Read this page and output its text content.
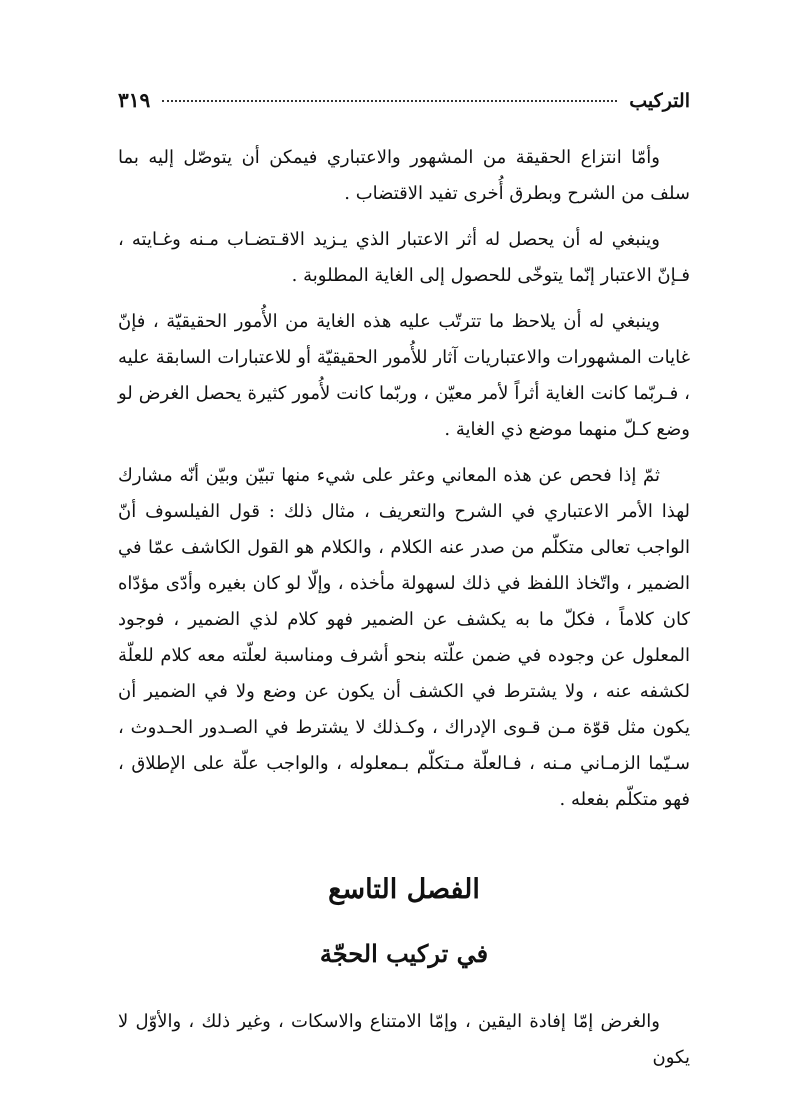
التركيب
٣١٩

وأمّا انتزاع الحقيقة من المشهور والاعتباري فيمكن أن يتوصّل إليه بما سلف من الشرح وبطرق أُخرى تفيد الاقتضاب .

وينبغي له أن يحصل له أثر الاعتبار الذي يـزيد الاقـتضـاب مـنه وغـايته ، فـإنّ الاعتبار إنّما يتوخّى للحصول إلى الغاية المطلوبة .

وينبغي له أن يلاحظ ما تترتّب عليه هذه الغاية من الأُمور الحقيقيّة ، فإنّ غايات المشهورات والاعتباريات آثار للأُمور الحقيقيّة أو للاعتبارات السابقة عليه ، فـربّما كانت الغاية أثراً لأمر معيّن ، وربّما كانت لأُمور كثيرة يحصل الغرض لو وضع كـلّ منهما موضع ذي الغاية .

ثمّ إذا فحص عن هذه المعاني وعثر على شيء منها تبيّن وبيّن أنّه مشارك لهذا الأمر الاعتباري في الشرح والتعريف ، مثال ذلك : قول الفيلسوف أنّ الواجب تعالى متكلّم من صدر عنه الكلام ، والكلام هو القول الكاشف عمّا في الضمير ، واتّخاذ اللفظ في ذلك لسهولة مأخذه ، وإلّا لو كان بغيره وأدّى مؤدّاه كان كلاماً ، فكلّ ما به يكشف عن الضمير فهو كلام لذي الضمير ، فوجود المعلول عن وجوده في ضمن علّته بنحو أشرف ومناسبة لعلّته معه كلام للعلّة لكشفه عنه ، ولا يشترط في الكشف أن يكون عن وضع ولا في الضمير أن يكون مثل قوّة مـن قـوى الإدراك ، وكـذلك لا يشترط في الصـدور الحـدوث ، سـيّما الزمـاني مـنه ، فـالعلّة مـتكلّم بـمعلوله ، والواجب علّة على الإطلاق ، فهو متكلّم بفعله .

الفصل التاسع
في تركيب الحجّة

والغرض إمّا إفادة اليقين ، وإمّا الامتناع والاسكات ، وغير ذلك ، والأوّل لا يكون
